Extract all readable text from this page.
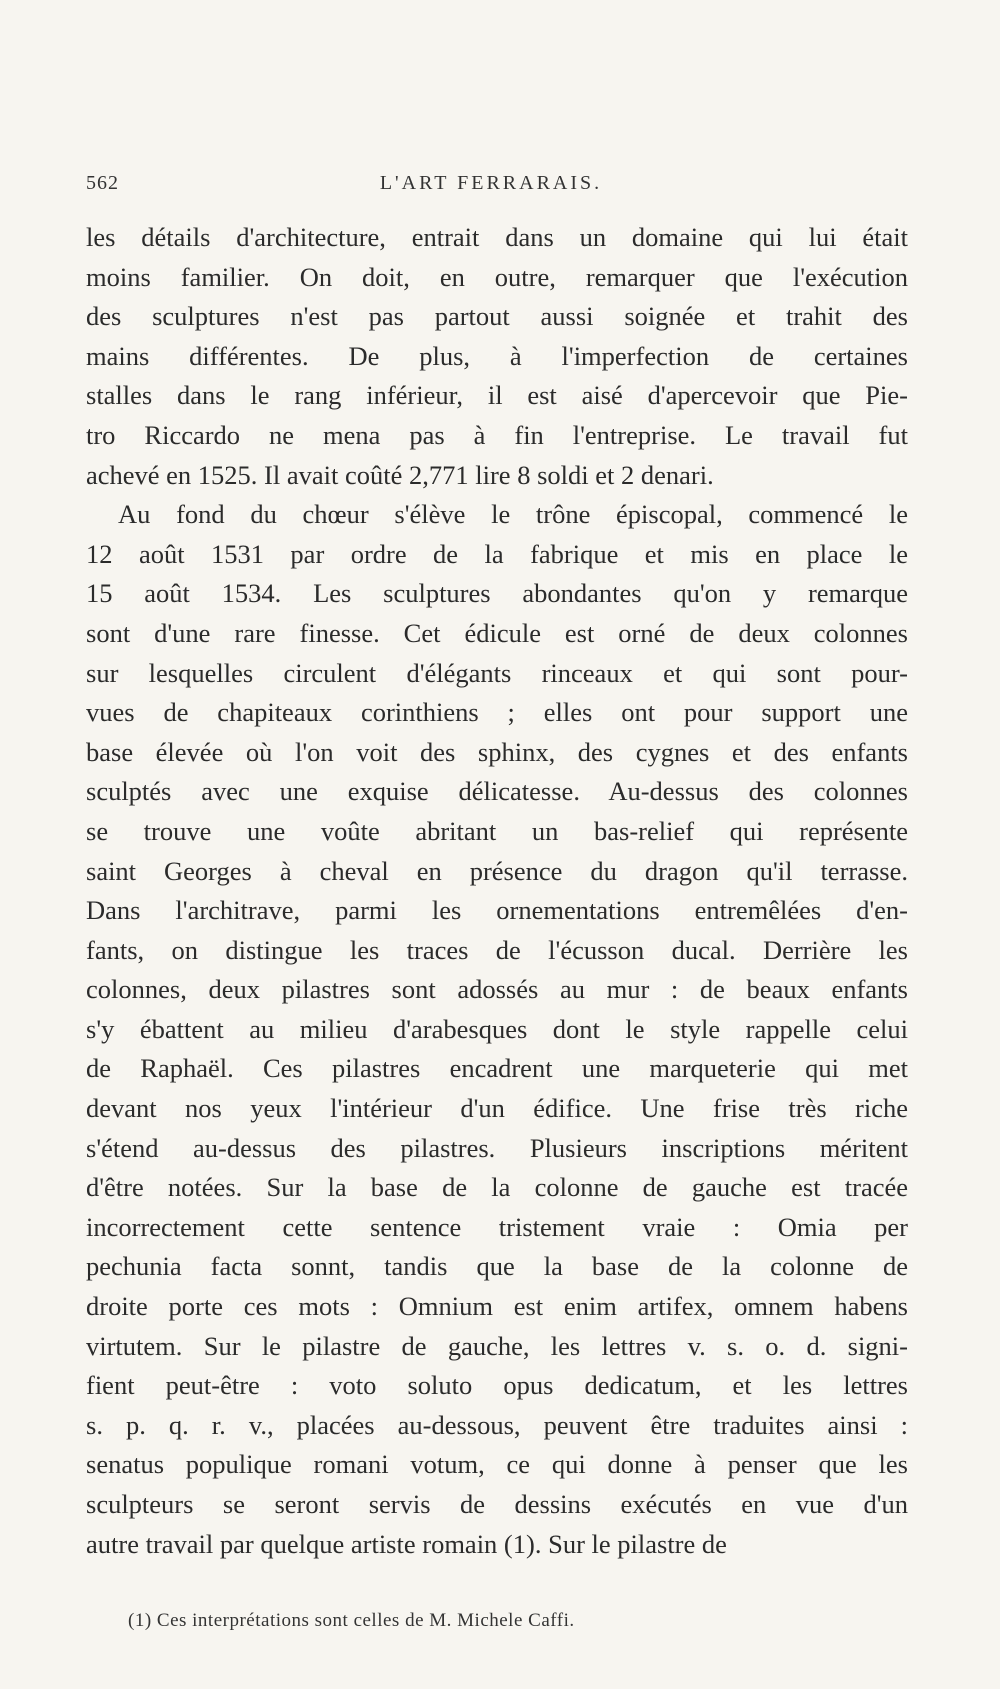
562	L'ART FERRARAIS.
les détails d'architecture, entrait dans un domaine qui lui était
moins familier. On doit, en outre, remarquer que l'exécution
des sculptures n'est pas partout aussi soignée et trahit des
mains différentes. De plus, à l'imperfection de certaines
stalles dans le rang inférieur, il est aisé d'apercevoir que Pie-
tro Riccardo ne mena pas à fin l'entreprise. Le travail fut
achevé en 1525. Il avait coûté 2,771 lire 8 soldi et 2 denari.
Au fond du chœur s'élève le trône épiscopal, commencé le
12 août 1531 par ordre de la fabrique et mis en place le
15 août 1534. Les sculptures abondantes qu'on y remarque
sont d'une rare finesse. Cet édicule est orné de deux colonnes
sur lesquelles circulent d'élégants rinceaux et qui sont pour-
vues de chapiteaux corinthiens ; elles ont pour support une
base élevée où l'on voit des sphinx, des cygnes et des enfants
sculptés avec une exquise délicatesse. Au-dessus des colonnes
se trouve une voûte abritant un bas-relief qui représente
saint Georges à cheval en présence du dragon qu'il terrasse.
Dans l'architrave, parmi les ornementations entremêlées d'en-
fants, on distingue les traces de l'écusson ducal. Derrière les
colonnes, deux pilastres sont adossés au mur : de beaux enfants
s'y ébattent au milieu d'arabesques dont le style rappelle celui
de Raphaël. Ces pilastres encadrent une marqueterie qui met
devant nos yeux l'intérieur d'un édifice. Une frise très riche
s'étend au-dessus des pilastres. Plusieurs inscriptions méritent
d'être notées. Sur la base de la colonne de gauche est tracée
incorrectement cette sentence tristement vraie : Omia per
pechunia facta sonnt, tandis que la base de la colonne de
droite porte ces mots : Omnium est enim artifex, omnem habens
virtutem. Sur le pilastre de gauche, les lettres v. s. o. d. signi-
fient peut-être : voto soluto opus dedicatum, et les lettres
s. p. q. r. v., placées au-dessous, peuvent être traduites ainsi :
senatus populique romani votum, ce qui donne à penser que les
sculpteurs se seront servis de dessins exécutés en vue d'un
autre travail par quelque artiste romain (1). Sur le pilastre de
(1) Ces interprétations sont celles de M. Michele Caffi.
